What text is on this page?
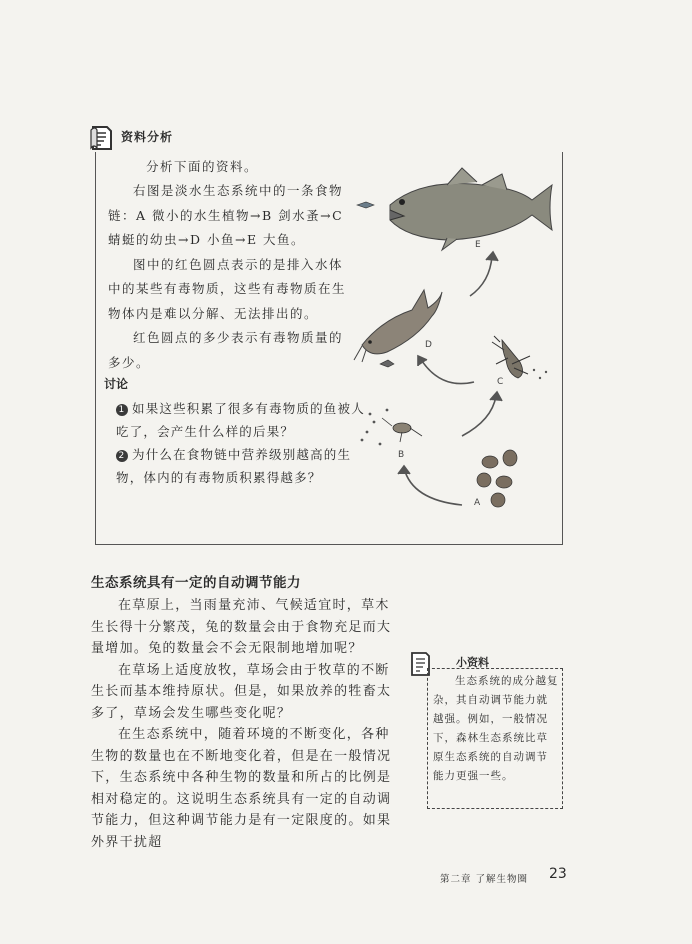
资料分析

分析下面的资料。

右图是淡水生态系统中的一条食物链：A 微小的水生植物→B 剑水蚤→C 蜻蜓的幼虫→D 小鱼→E 大鱼。

图中的红色圆点表示的是排入水体中的某些有毒物质，这些有毒物质在生物体内是难以分解、无法排出的。

红色圆点的多少表示有毒物质量的多少。

讨论
1 如果这些积累了很多有毒物质的鱼被人吃了，会产生什么样的后果？
2 为什么在食物链中营养级别越高的生物，体内的有毒物质积累得越多？
E
D
C
B
A
生态系统具有一定的自动调节能力

在草原上，当雨量充沛、气候适宜时，草木生长得十分繁茂，兔的数量会由于食物充足而大量增加。兔的数量会不会无限制地增加呢？

在草场上适度放牧，草场会由于牧草的不断生长而基本维持原状。但是，如果放养的牲畜太多了，草场会发生哪些变化呢？

在生态系统中，随着环境的不断变化，各种生物的数量也在不断地变化着，但是在一般情况下，生态系统中各种生物的数量和所占的比例是相对稳定的。这说明生态系统具有一定的自动调节能力，但这种调节能力是有一定限度的。如果外界干扰超

小资料
生态系统的成分越复杂，其自动调节能力就越强。例如，一般情况下，森林生态系统比草原生态系统的自动调节能力更强一些。
第二章 了解生物圈 23
